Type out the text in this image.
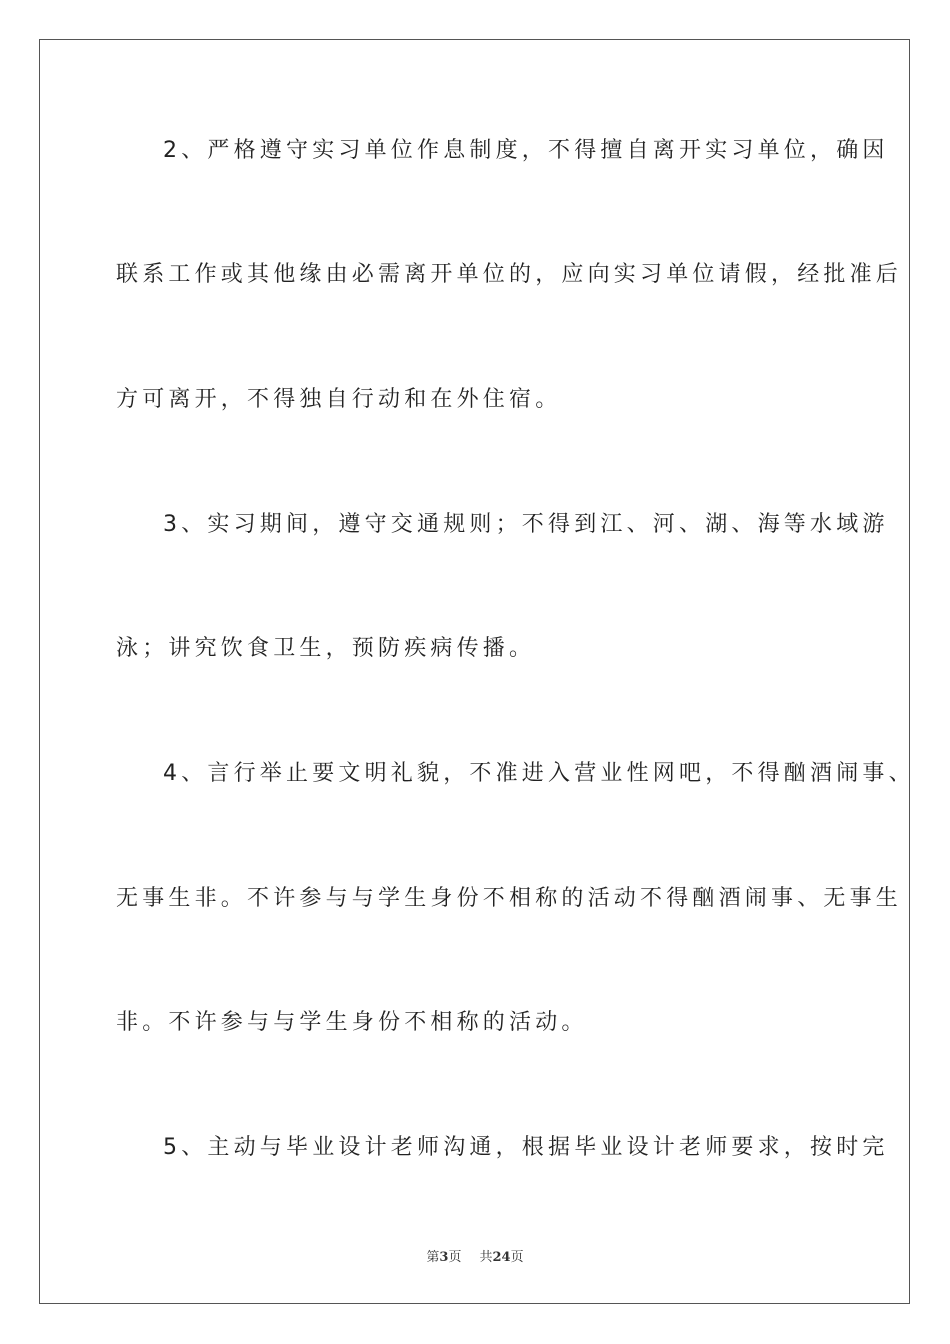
2、严格遵守实习单位作息制度，不得擅自离开实习单位，确因
联系工作或其他缘由必需离开单位的，应向实习单位请假，经批准后
方可离开，不得独自行动和在外住宿。
3、实习期间，遵守交通规则；不得到江、河、湖、海等水域游
泳；讲究饮食卫生，预防疾病传播。
4、言行举止要文明礼貌，不准进入营业性网吧，不得酗酒闹事、
无事生非。不许参与与学生身份不相称的活动不得酗酒闹事、无事生
非。不许参与与学生身份不相称的活动。
5、主动与毕业设计老师沟通，根据毕业设计老师要求，按时完
第3页 共24页
